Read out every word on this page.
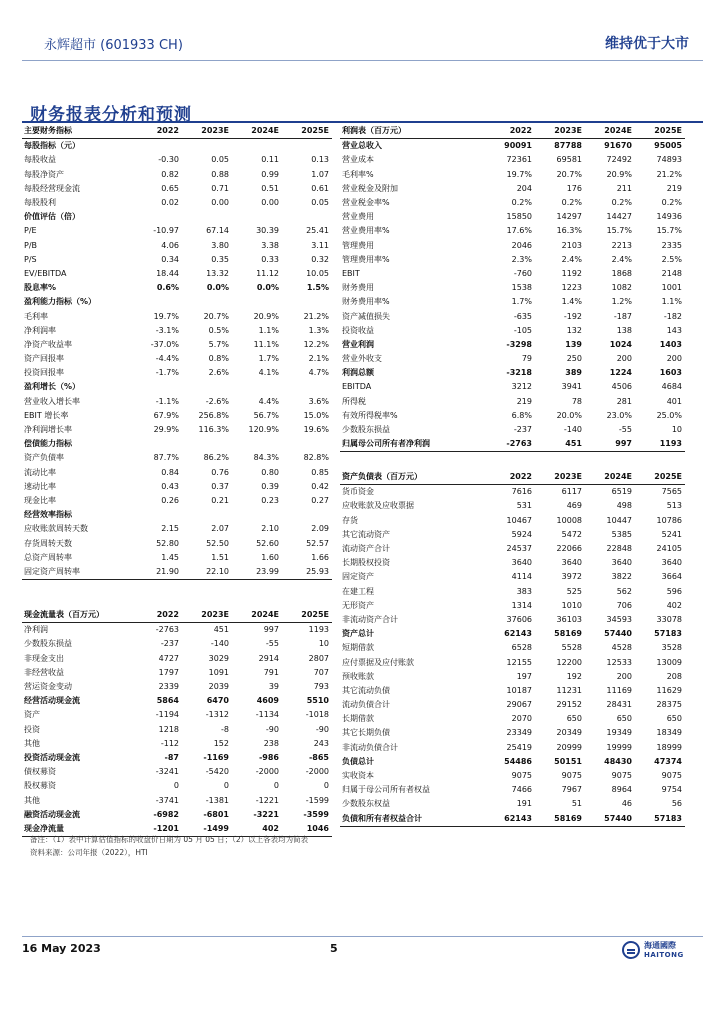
永辉超市 (601933 CH)	维持优于大市
财务报表分析和预测
主要财务指标	2022	2023E	2024E	2025E
每股指标（元）				
每股收益	-0.30	0.05	0.11	0.13
每股净资产	0.82	0.88	0.99	1.07
每股经营现金流	0.65	0.71	0.51	0.61
每股股利	0.02	0.00	0.00	0.05
价值评估（倍）				
P/E	-10.97	67.14	30.39	25.41
P/B	4.06	3.80	3.38	3.11
P/S	0.34	0.35	0.33	0.32
EV/EBITDA	18.44	13.32	11.12	10.05
股息率%	0.6%	0.0%	0.0%	1.5%
盈利能力指标（%）				
毛利率	19.7%	20.7%	20.9%	21.2%
净利润率	-3.1%	0.5%	1.1%	1.3%
净资产收益率	-37.0%	5.7%	11.1%	12.2%
资产回报率	-4.4%	0.8%	1.7%	2.1%
投资回报率	-1.7%	2.6%	4.1%	4.7%
盈利增长（%）				
营业收入增长率	-1.1%	-2.6%	4.4%	3.6%
EBIT 增长率	67.9%	256.8%	56.7%	15.0%
净利润增长率	29.9%	116.3%	120.9%	19.6%
偿债能力指标				
资产负债率	87.7%	86.2%	84.3%	82.8%
流动比率	0.84	0.76	0.80	0.85
速动比率	0.43	0.37	0.39	0.42
现金比率	0.26	0.21	0.23	0.27
经营效率指标				
应收账款周转天数	2.15	2.07	2.10	2.09
存货周转天数	52.80	52.50	52.60	52.57
总资产周转率	1.45	1.51	1.60	1.66
固定资产周转率	21.90	22.10	23.99	25.93
利润表（百万元）	2022	2023E	2024E	2025E
营业总收入	90091	87788	91670	95005
营业成本	72361	69581	72492	74893
毛利率%	19.7%	20.7%	20.9%	21.2%
营业税金及附加	204	176	211	219
营业税金率%	0.2%	0.2%	0.2%	0.2%
营业费用	15850	14297	14427	14936
营业费用率%	17.6%	16.3%	15.7%	15.7%
管理费用	2046	2103	2213	2335
管理费用率%	2.3%	2.4%	2.4%	2.5%
EBIT	-760	1192	1868	2148
财务费用	1538	1223	1082	1001
财务费用率%	1.7%	1.4%	1.2%	1.1%
资产减值损失	-635	-192	-187	-182
投资收益	-105	132	138	143
营业利润	-3298	139	1024	1403
营业外收支	79	250	200	200
利润总额	-3218	389	1224	1603
EBITDA	3212	3941	4506	4684
所得税	219	78	281	401
有效所得税率%	6.8%	20.0%	23.0%	25.0%
少数股东损益	-237	-140	-55	10
归属母公司所有者净利润	-2763	451	997	1193
资产负债表（百万元）	2022	2023E	2024E	2025E
货币资金	7616	6117	6519	7565
应收账款及应收票据	531	469	498	513
存货	10467	10008	10447	10786
其它流动资产	5924	5472	5385	5241
流动资产合计	24537	22066	22848	24105
长期股权投资	3640	3640	3640	3640
固定资产	4114	3972	3822	3664
在建工程	383	525	562	596
无形资产	1314	1010	706	402
非流动资产合计	37606	36103	34593	33078
资产总计	62143	58169	57440	57183
短期借款	6528	5528	4528	3528
应付票据及应付账款	12155	12200	12533	13009
预收账款	197	192	200	208
其它流动负债	10187	11231	11169	11629
流动负债合计	29067	29152	28431	28375
长期借款	2070	650	650	650
其它长期负债	23349	20349	19349	18349
非流动负债合计	25419	20999	19999	18999
负债总计	54486	50151	48430	47374
实收资本	9075	9075	9075	9075
归属于母公司所有者权益	7466	7967	8964	9754
少数股东权益	191	51	46	56
负债和所有者权益合计	62143	58169	57440	57183
现金流量表（百万元）	2022	2023E	2024E	2025E
净利润	-2763	451	997	1193
少数股东损益	-237	-140	-55	10
非现金支出	4727	3029	2914	2807
非经营收益	1797	1091	791	707
营运资金变动	2339	2039	39	793
经营活动现金流	5864	6470	4609	5510
资产	-1194	-1312	-1134	-1018
投资	1218	-8	-90	-90
其他	-112	152	238	243
投资活动现金流	-87	-1169	-986	-865
债权募资	-3241	-5420	-2000	-2000
股权募资	0	0	0	0
其他	-3741	-1381	-1221	-1599
融资活动现金流	-6982	-6801	-3221	-3599
现金净流量	-1201	-1499	402	1046
备注：（1）表中计算估值指标的收盘价日期为 05 月 05 日；（2）以上各表均为简表
资料来源：公司年报（2022），HTI
16 May 2023	5	海通國際
HAITONG
